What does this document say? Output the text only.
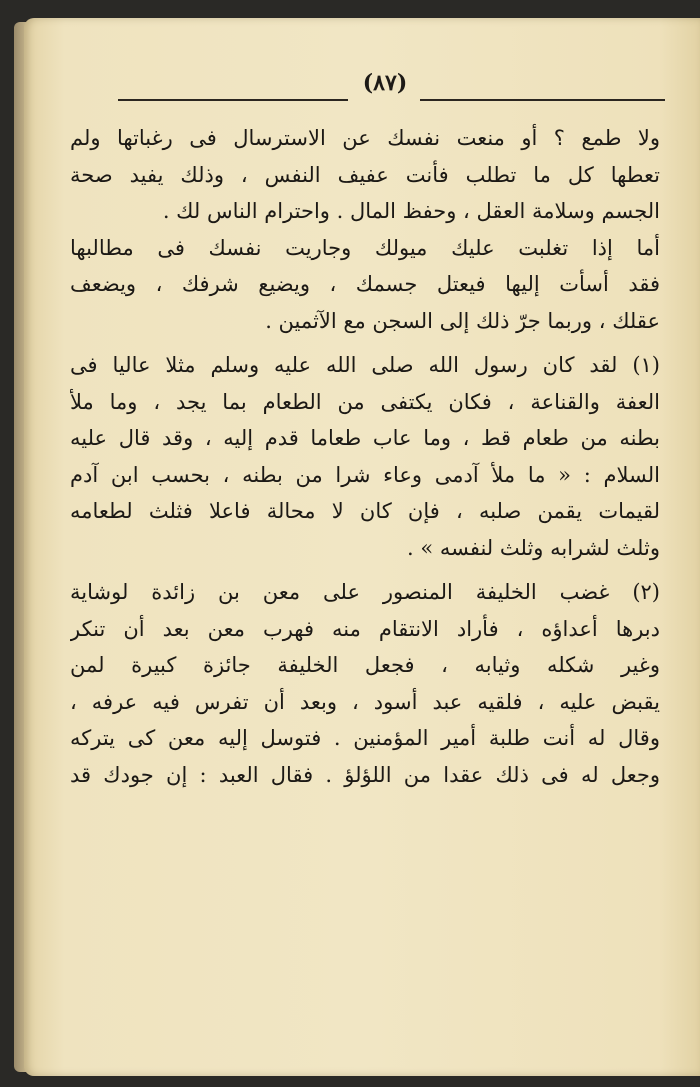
(٨٧)
ولا طمع ؟ أو منعت نفسك عن الاسترسال فى رغباتها ولم
تعطها كل ما تطلب فأنت عفيف النفس ، وذلك يفيد صحة
الجسم وسلامة العقل ، وحفظ المال . واحترام الناس لك .
أما إذا تغلبت عليك ميولك وجاريت نفسك فى مطالبها
فقد أسأت إليها فيعتل جسمك ، ويضيع شرفك ، ويضعف
عقلك ، وربما جرّ ذلك إلى السجن مع الآثمين .
(١) لقد كان رسول الله صلى الله عليه وسلم مثلا عاليا فى
العفة والقناعة ، فكان يكتفى من الطعام بما يجد ، وما ملأ
بطنه من طعام قط ، وما عاب طعاما قدم إليه ، وقد قال عليه
السلام : « ما ملأ آدمى وعاء شرا من بطنه ، بحسب ابن آدم
لقيمات يقمن صلبه ، فإن كان لا محالة فاعلا فثلث لطعامه
وثلث لشرابه وثلث لنفسه » .
(٢) غضب الخليفة المنصور على معن بن زائدة لوشاية
دبرها أعداؤه ، فأراد الانتقام منه فهرب معن بعد أن تنكر
وغير شكله وثيابه ، فجعل الخليفة جائزة كبيرة لمن
يقبض عليه ، فلقيه عبد أسود ، وبعد أن تفرس فيه عرفه ،
وقال له أنت طلبة أمير المؤمنين . فتوسل إليه معن كى يتركه
وجعل له فى ذلك عقدا من اللؤلؤ . فقال العبد : إن جودك قد
